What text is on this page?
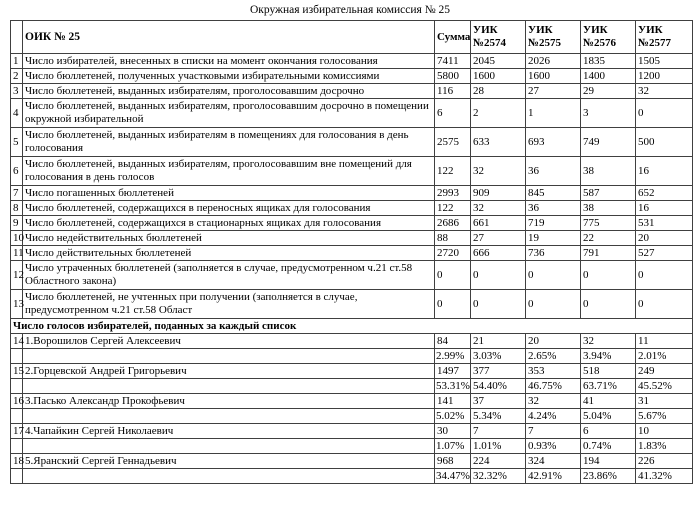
Окружная избирательная комиссия № 25
	ОИК № 25	Сумма	УИК №2574	УИК №2575	УИК №2576	УИК №2577
1	Число избирателей, внесенных в списки на момент окончания голосования	7411	2045	2026	1835	1505
2	Число бюллетеней, полученных участковыми избирательными комиссиями	5800	1600	1600	1400	1200
3	Число бюллетеней, выданных избирателям, проголосовавшим досрочно	116	28	27	29	32
4	Число бюллетеней, выданных избирателям, проголосовавшим досрочно в помещении окружной избирательной	6	2	1	3	0
5	Число бюллетеней, выданных избирателям в помещениях для голосования в день голосования	2575	633	693	749	500
6	Число бюллетеней, выданных избирателям, проголосовавшим вне помещений для голосования в день голосов	122	32	36	38	16
7	Число погашенных бюллетеней	2993	909	845	587	652
8	Число бюллетеней, содержащихся в переносных ящиках для голосования	122	32	36	38	16
9	Число бюллетеней, содержащихся в стационарных ящиках для голосования	2686	661	719	775	531
10	Число недействительных бюллетеней	88	27	19	22	20
11	Число действительных бюллетеней	2720	666	736	791	527
12	Число утраченных бюллетеней (заполняется в случае, предусмотренном ч.21 ст.58 Областного закона)	0	0	0	0	0
13	Число бюллетеней, не учтенных при получении (заполняется в случае, предусмотренном ч.21 ст.58 Област	0	0	0	0	0
Число голосов избирателей, поданных за каждый список						
14	1.Ворошилов Сергей Алексеевич	84	21	20	32	11
		2.99%	3.03%	2.65%	3.94%	2.01%
15	2.Горцевской Андрей Григорьевич	1497	377	353	518	249
		53.31%	54.40%	46.75%	63.71%	45.52%
16	3.Пасько Александр Прокофьевич	141	37	32	41	31
		5.02%	5.34%	4.24%	5.04%	5.67%
17	4.Чапайкин Сергей Николаевич	30	7	7	6	10
		1.07%	1.01%	0.93%	0.74%	1.83%
18	5.Яранский Сергей Геннадьевич	968	224	324	194	226
		34.47%	32.32%	42.91%	23.86%	41.32%
